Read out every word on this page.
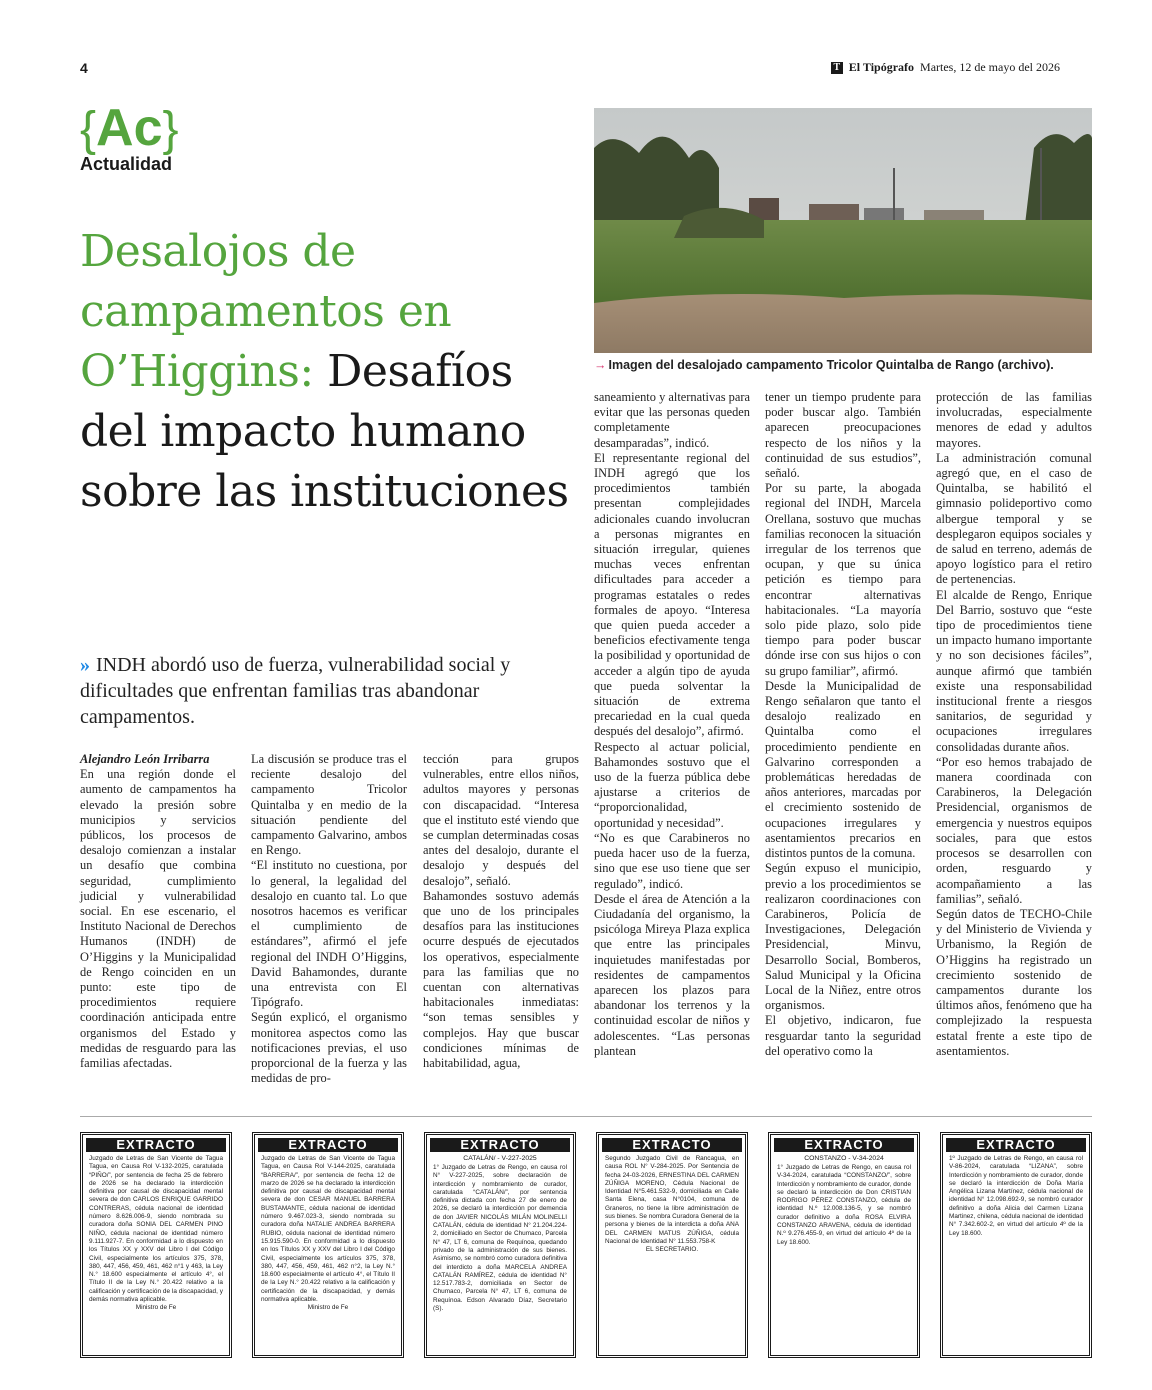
4	T El Tipógrafo Martes, 12 de mayo del 2026
{Ac}
Actualidad
Desalojos de campamentos en O’Higgins: Desafíos del impacto humano sobre las instituciones
→ Imagen del desalojado campamento Tricolor Quintalba de Rango (archivo).
» INDH abordó uso de fuerza, vulnerabilidad social y dificultades que enfrentan familias tras abandonar campamentos.

Alejandro León Irribarra

En una región donde el aumento de campamentos ha elevado la presión sobre municipios y servicios públicos, los procesos de desalojo comienzan a instalar un desafío que combina seguridad, cumplimiento judicial y vulnerabilidad social. En ese escenario, el Instituto Nacional de Derechos Humanos (INDH) de O’Higgins y la Municipalidad de Rengo coinciden en un punto: este tipo de procedimientos requiere coordinación anticipada entre organismos del Estado y medidas de resguardo para las familias afectadas.

La discusión se produce tras el reciente desalojo del campamento Tricolor Quintalba y en medio de la situación pendiente del campamento Galvarino, ambos en Rengo.

“El instituto no cuestiona, por lo general, la legalidad del desalojo en cuanto tal. Lo que nosotros hacemos es verificar el cumplimiento de estándares”, afirmó el jefe regional del INDH O’Higgins, David Bahamondes, durante una entrevista con El Tipógrafo.

Según explicó, el organismo monitorea aspectos como las notificaciones previas, el uso proporcional de la fuerza y las medidas de pro-

tección para grupos vulnerables, entre ellos niños, adultos mayores y personas con discapacidad. “Interesa que el instituto esté viendo que se cumplan determinadas cosas antes del desalojo, durante el desalojo y después del desalojo”, señaló.

Bahamondes sostuvo además que uno de los principales desafíos para las instituciones ocurre después de ejecutados los operativos, especialmente para las familias que no cuentan con alternativas habitacionales inmediatas: “son temas sensibles y complejos. Hay que buscar condiciones mínimas de habitabilidad, agua,

saneamiento y alternativas para evitar que las personas queden completamente desamparadas”, indicó.

El representante regional del INDH agregó que los procedimientos también presentan complejidades adicionales cuando involucran a personas migrantes en situación irregular, quienes muchas veces enfrentan dificultades para acceder a programas estatales o redes formales de apoyo. “Interesa que quien pueda acceder a beneficios efectivamente tenga la posibilidad y oportunidad de acceder a algún tipo de ayuda que pueda solventar la situación de extrema precariedad en la cual queda después del desalojo”, afirmó.

Respecto al actuar policial, Bahamondes sostuvo que el uso de la fuerza pública debe ajustarse a criterios de “proporcionalidad, oportunidad y necesidad”.

“No es que Carabineros no pueda hacer uso de la fuerza, sino que ese uso tiene que ser regulado”, indicó.

Desde el área de Atención a la Ciudadanía del organismo, la psicóloga Mireya Plaza explica que entre las principales inquietudes manifestadas por residentes de campamentos aparecen los plazos para abandonar los terrenos y la continuidad escolar de niños y adolescentes. “Las personas plantean

tener un tiempo prudente para poder buscar algo. También aparecen preocupaciones respecto de los niños y la continuidad de sus estudios”, señaló.

Por su parte, la abogada regional del INDH, Marcela Orellana, sostuvo que muchas familias reconocen la situación irregular de los terrenos que ocupan, y que su única petición es tiempo para encontrar alternativas habitacionales. “La mayoría solo pide plazo, solo pide tiempo para poder buscar dónde irse con sus hijos o con su grupo familiar”, afirmó.

Desde la Municipalidad de Rengo señalaron que tanto el desalojo realizado en Quintalba como el procedimiento pendiente en Galvarino corresponden a problemáticas heredadas de años anteriores, marcadas por el crecimiento sostenido de ocupaciones irregulares y asentamientos precarios en distintos puntos de la comuna.

Según expuso el municipio, previo a los procedimientos se realizaron coordinaciones con Carabineros, Policía de Investigaciones, Delegación Presidencial, Minvu, Desarrollo Social, Bomberos, Salud Municipal y la Oficina Local de la Niñez, entre otros organismos.

El objetivo, indicaron, fue resguardar tanto la seguridad del operativo como la

protección de las familias involucradas, especialmente menores de edad y adultos mayores.

La administración comunal agregó que, en el caso de Quintalba, se habilitó el gimnasio polideportivo como albergue temporal y se desplegaron equipos sociales y de salud en terreno, además de apoyo logístico para el retiro de pertenencias.

El alcalde de Rengo, Enrique Del Barrio, sostuvo que “este tipo de procedimientos tiene un impacto humano importante y no son decisiones fáciles”, aunque afirmó que también existe una responsabilidad institucional frente a riesgos sanitarios, de seguridad y ocupaciones irregulares consolidadas durante años.

“Por eso hemos trabajado de manera coordinada con Carabineros, la Delegación Presidencial, organismos de emergencia y nuestros equipos sociales, para que estos procesos se desarrollen con orden, resguardo y acompañamiento a las familias”, señaló.

Según datos de TECHO-Chile y del Ministerio de Vivienda y Urbanismo, la Región de O’Higgins ha registrado un crecimiento sostenido de campamentos durante los últimos años, fenómeno que ha complejizado la respuesta estatal frente a este tipo de asentamientos.

EXTRACTO
Juzgado de Letras de San Vicente de Tagua Tagua, en Causa Rol V-132-2025, caratulada “PIÑO/”, por sentencia de fecha 25 de febrero de 2026 se ha declarado la interdicción definitiva por causal de discapacidad mental severa de don CARLOS ENRIQUE GARRIDO CONTRERAS, cédula nacional de identidad número 8.626.006-9, siendo nombrada su curadora doña SONIA DEL CARMEN PINO NIÑO, cédula nacional de identidad número 9.111.927-7. En conformidad a lo dispuesto en los Títulos XX y XXV del Libro I del Código Civil, especialmente los artículos 375, 378, 380, 447, 456, 459, 461, 462 n°1 y 463, la Ley N.° 18.600 especialmente el artículo 4°, el Título II de la Ley N.° 20.422 relativo a la calificación y certificación de la discapacidad, y demás normativa aplicable.
Ministro de Fe
EXTRACTO
Juzgado de Letras de San Vicente de Tagua Tagua, en Causa Rol V-144-2025, caratulada “BARRERA/”, por sentencia de fecha 12 de marzo de 2026 se ha declarado la interdicción definitiva por causal de discapacidad mental severa de don CESAR MANUEL BARRERA BUSTAMANTE, cédula nacional de identidad número 9.467.023-3, siendo nombrada su curadora doña NATALIE ANDREA BARRERA RUBIO, cédula nacional de identidad número 15.915.590-0. En conformidad a lo dispuesto en los Títulos XX y XXV del Libro I del Código Civil, especialmente los artículos 375, 378, 380, 447, 456, 459, 461, 462 n°2, la Ley N.° 18.600 especialmente el artículo 4°, el Título II de la Ley N.° 20.422 relativo a la calificación y certificación de la discapacidad, y demás normativa aplicable.
Ministro de Fe
EXTRACTO
CATALÁN/ - V-227-2025
1° Juzgado de Letras de Rengo, en causa rol N° V-227-2025, sobre declaración de interdicción y nombramiento de curador, caratulada “CATALÁN/”, por sentencia definitiva dictada con fecha 27 de enero de 2026, se declaró la interdicción por demencia de don JAVIER NICOLÁS MILÁN MOLINELLI CATALÁN, cédula de identidad N° 21.204.224-2, domiciliado en Sector de Chumaco, Parcela N° 47, LT 6, comuna de Requínoa, quedando privado de la administración de sus bienes. Asimismo, se nombró como curadora definitiva del interdicto a doña MARCELA ANDREA CATALÁN RAMÍREZ, cédula de identidad N° 12.517.783-2, domiciliada en Sector de Chumaco, Parcela N° 47, LT 6, comuna de Requínoa. Edson Alvarado Díaz, Secretario (S).
EXTRACTO
Segundo Juzgado Civil de Rancagua, en causa ROL N° V-284-2025. Por Sentencia de fecha 24-03-2026, ERNESTINA DEL CARMEN ZÚÑIGA MORENO, Cédula Nacional de Identidad N°5.461.532-9, domiciliada en Calle Santa Elena, casa N°0104, comuna de Graneros, no tiene la libre administración de sus bienes. Se nombra Curadora General de la persona y bienes de la interdicta a doña ANA DEL CARMEN MATUS ZÚÑIGA, cédula Nacional de Identidad N° 11.553.758-K
EL SECRETARIO.
EXTRACTO
CONSTANZO - V-34-2024
1° Juzgado de Letras de Rengo, en causa rol V-34-2024, caratulada “CONSTANZO/”, sobre Interdicción y nombramiento de curador, donde se declaró la interdicción de Don CRISTIAN RODRIGO PÉREZ CONSTANZO, cédula de identidad N.º 12.008.136-5, y se nombró curador definitivo a doña ROSA ELVIRA CONSTANZO ARAVENA, cédula de identidad N.º 9.276.455-9, en virtud del artículo 4º de la Ley 18.600.
EXTRACTO
1º Juzgado de Letras de Rengo, en causa rol V-86-2024, caratulada “LIZANA”, sobre Interdicción y nombramiento de curador, donde se declaró la interdicción de Doña María Angélica Lizana Martínez, cédula nacional de identidad N° 12.098.692-9, se nombró curador definitivo a doña Alicia del Carmen Lizana Martinez, chilena, cédula nacional de identidad N° 7.342.602-2, en virtud del artículo 4º de la Ley 18.600.
